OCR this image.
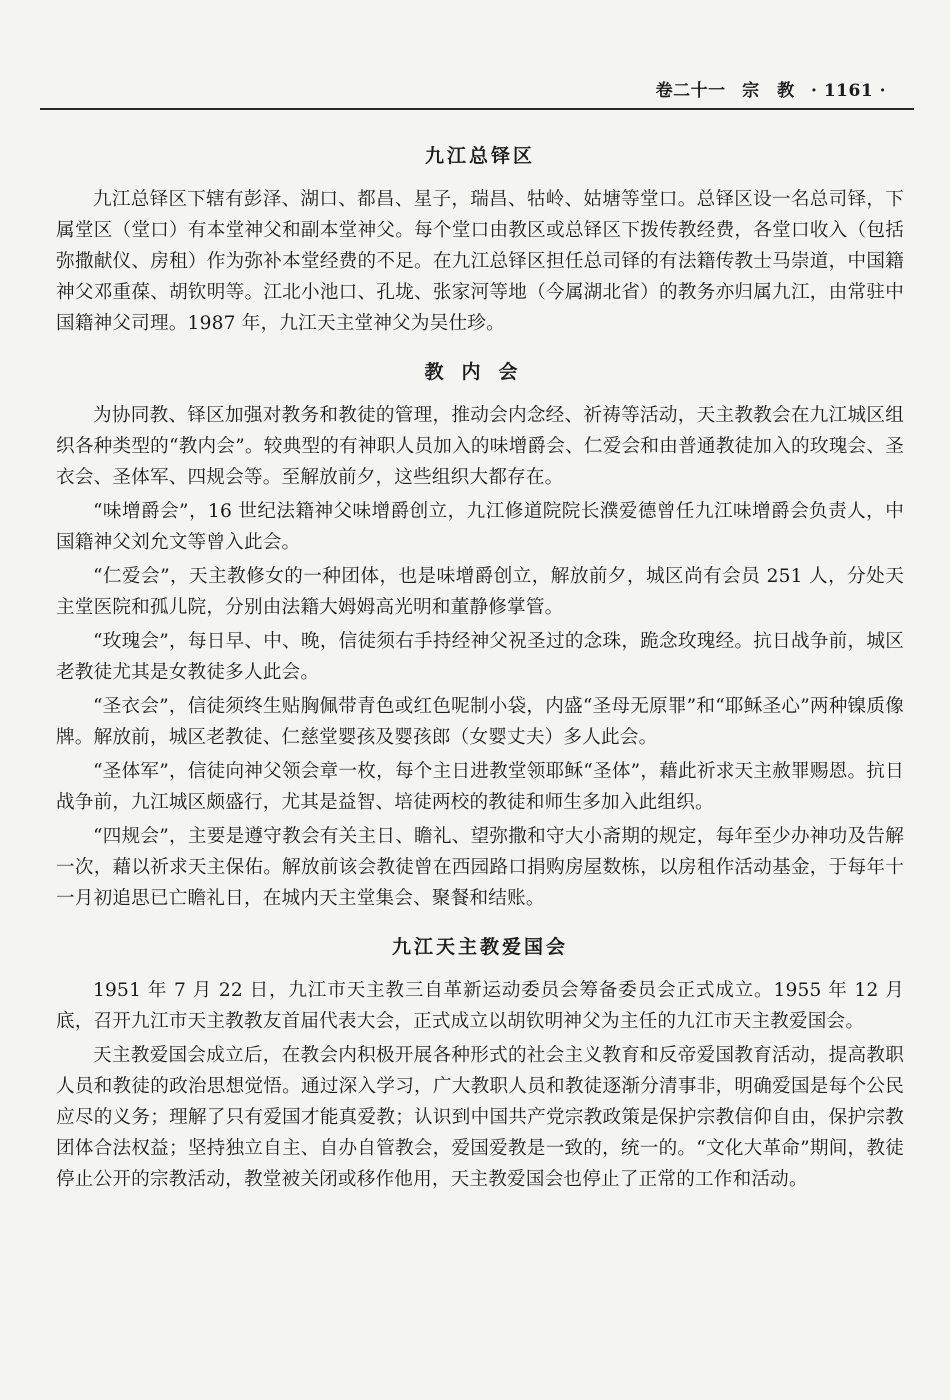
卷二十一 宗　教 · 1161 ·
九江总铎区

九江总铎区下辖有彭泽、湖口、都昌、星子，瑞昌、牯岭、姑塘等堂口。总铎区设一名总司铎，下属堂区（堂口）有本堂神父和副本堂神父。每个堂口由教区或总铎区下拨传教经费，各堂口收入（包括弥撒献仪、房租）作为弥补本堂经费的不足。在九江总铎区担任总司铎的有法籍传教士马崇道，中国籍神父邓重葆、胡钦明等。江北小池口、孔垅、张家河等地（今属湖北省）的教务亦归属九江，由常驻中国籍神父司理。1987 年，九江天主堂神父为吴仕珍。

教内会

为协同教、铎区加强对教务和教徒的管理，推动会内念经、祈祷等活动，天主教教会在九江城区组织各种类型的“教内会”。较典型的有神职人员加入的味增爵会、仁爱会和由普通教徒加入的玫瑰会、圣衣会、圣体军、四规会等。至解放前夕，这些组织大都存在。

“味增爵会”，16 世纪法籍神父味增爵创立，九江修道院院长濮爱德曾任九江味增爵会负责人，中国籍神父刘允文等曾入此会。

“仁爱会”，天主教修女的一种团体，也是味增爵创立，解放前夕，城区尚有会员 251 人，分处天主堂医院和孤儿院，分别由法籍大姆姆高光明和董静修掌管。

“玫瑰会”，每日早、中、晚，信徒须右手持经神父祝圣过的念珠，跪念玫瑰经。抗日战争前，城区老教徒尤其是女教徒多人此会。

“圣衣会”，信徒须终生贴胸佩带青色或红色呢制小袋，内盛“圣母无原罪”和“耶稣圣心”两种镍质像牌。解放前，城区老教徒、仁慈堂婴孩及婴孩郎（女婴丈夫）多人此会。

“圣体军”，信徒向神父领会章一枚，每个主日进教堂领耶稣“圣体”，藉此祈求天主赦罪赐恩。抗日战争前，九江城区颇盛行，尤其是益智、培徒两校的教徒和师生多加入此组织。

“四规会”，主要是遵守教会有关主日、瞻礼、望弥撒和守大小斋期的规定，每年至少办神功及告解一次，藉以祈求天主保佑。解放前该会教徒曾在西园路口捐购房屋数栋，以房租作活动基金，于每年十一月初追思已亡瞻礼日，在城内天主堂集会、聚餐和结账。

九江天主教爱国会

1951 年 7 月 22 日，九江市天主教三自革新运动委员会筹备委员会正式成立。1955 年 12 月底，召开九江市天主教教友首届代表大会，正式成立以胡钦明神父为主任的九江市天主教爱国会。

天主教爱国会成立后，在教会内积极开展各种形式的社会主义教育和反帝爱国教育活动，提高教职人员和教徒的政治思想觉悟。通过深入学习，广大教职人员和教徒逐渐分清事非，明确爱国是每个公民应尽的义务；理解了只有爱国才能真爱教；认识到中国共产党宗教政策是保护宗教信仰自由，保护宗教团体合法权益；坚持独立自主、自办自管教会，爱国爱教是一致的，统一的。“文化大革命”期间，教徒停止公开的宗教活动，教堂被关闭或移作他用，天主教爱国会也停止了正常的工作和活动。
